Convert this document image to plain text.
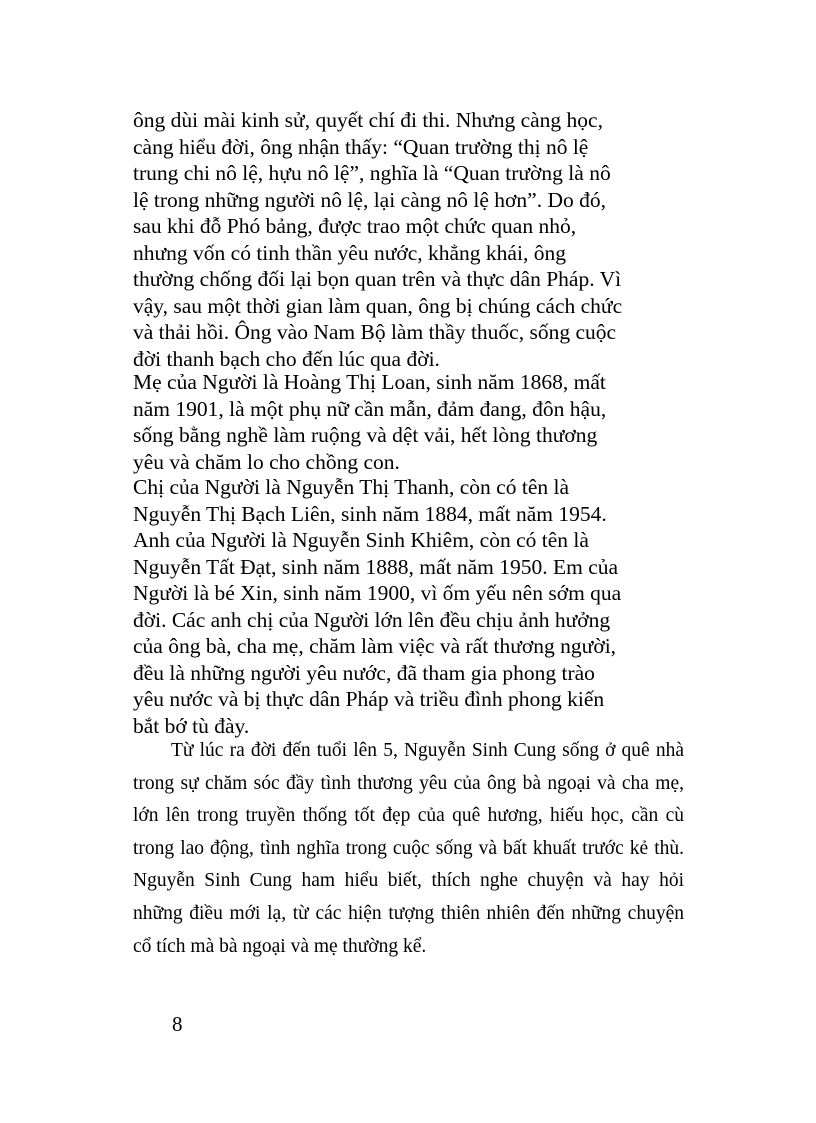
ông dùi mài kinh sử, quyết chí đi thi. Nhưng càng học,
càng hiểu đời, ông nhận thấy: “Quan trường thị nô lệ
trung chi nô lệ, hựu nô lệ”, nghĩa là “Quan trường là nô
lệ trong những người nô lệ, lại càng nô lệ hơn”. Do đó,
sau khi đỗ Phó bảng, được trao một chức quan nhỏ,
nhưng vốn có tinh thần yêu nước, khẳng khái, ông
thường chống đối lại bọn quan trên và thực dân Pháp. Vì
vậy, sau một thời gian làm quan, ông bị chúng cách chức
và thải hồi. Ông vào Nam Bộ làm thầy thuốc, sống cuộc
đời thanh bạch cho đến lúc qua đời.
Mẹ của Người là Hoàng Thị Loan, sinh năm 1868, mất
năm 1901, là một phụ nữ cần mẫn, đảm đang, đôn hậu,
sống bằng nghề làm ruộng và dệt vải, hết lòng thương
yêu và chăm lo cho chồng con.
Chị của Người là Nguyễn Thị Thanh, còn có tên là
Nguyễn Thị Bạch Liên, sinh năm 1884, mất năm 1954.
Anh của Người là Nguyễn Sinh Khiêm, còn có tên là
Nguyễn Tất Đạt, sinh năm 1888, mất năm 1950. Em của
Người là bé Xin, sinh năm 1900, vì ốm yếu nên sớm qua
đời. Các anh chị của Người lớn lên đều chịu ảnh hưởng
của ông bà, cha mẹ, chăm làm việc và rất thương người,
đều là những người yêu nước, đã tham gia phong trào
yêu nước và bị thực dân Pháp và triều đình phong kiến
bắt bớ tù đày.
Từ lúc ra đời đến tuổi lên 5, Nguyễn Sinh Cung sống ở quê nhà trong sự chăm sóc đầy tình thương yêu của ông bà ngoại và cha mẹ, lớn lên trong truyền thống tốt đẹp của quê hương, hiếu học, cần cù trong lao động, tình nghĩa trong cuộc sống và bất khuất trước kẻ thù. Nguyễn Sinh Cung ham hiểu biết, thích nghe chuyện và hay hỏi những điều mới lạ, từ các hiện tượng thiên nhiên đến những chuyện cổ tích mà bà ngoại và mẹ thường kể.
8
